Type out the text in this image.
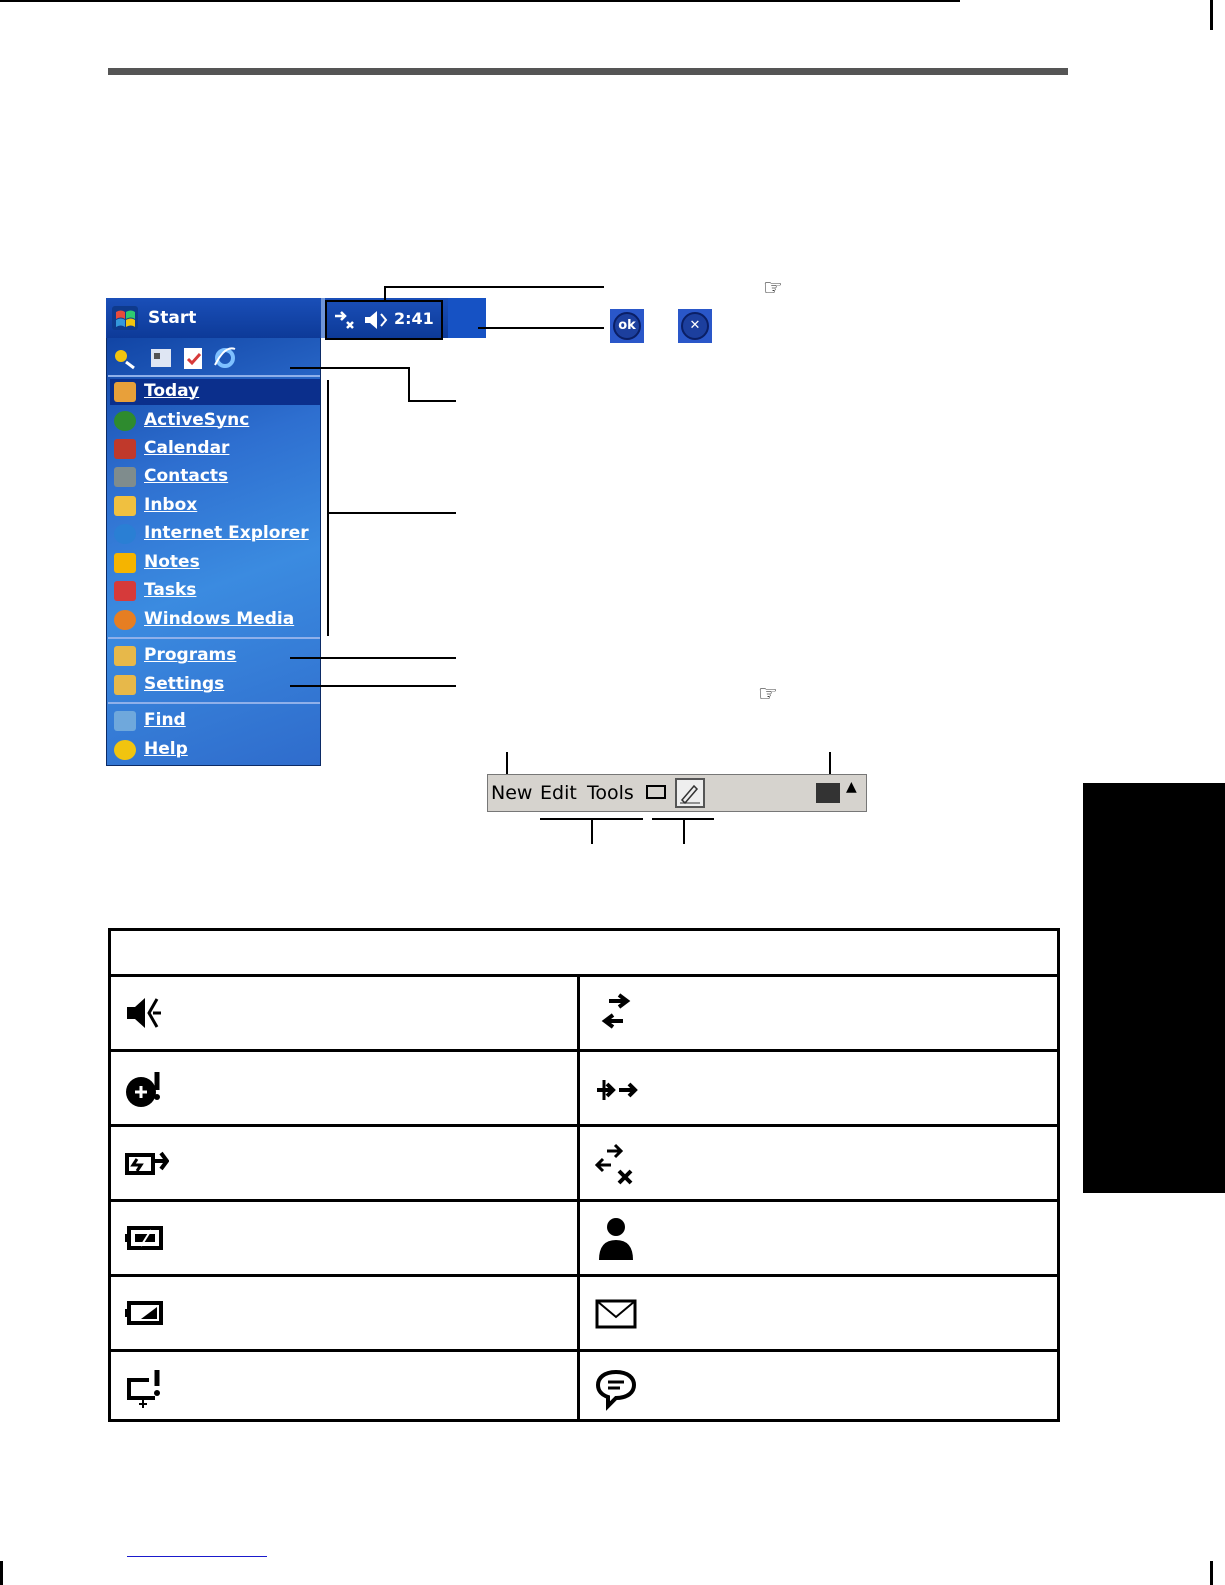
Start	2:41
Today
ActiveSync
Calendar
Contacts
Inbox
Internet Explorer
Notes
Tasks
Windows Media
Programs
Settings
Find
Help
☞
ok	✕
☞
New Edit Tools	▲
